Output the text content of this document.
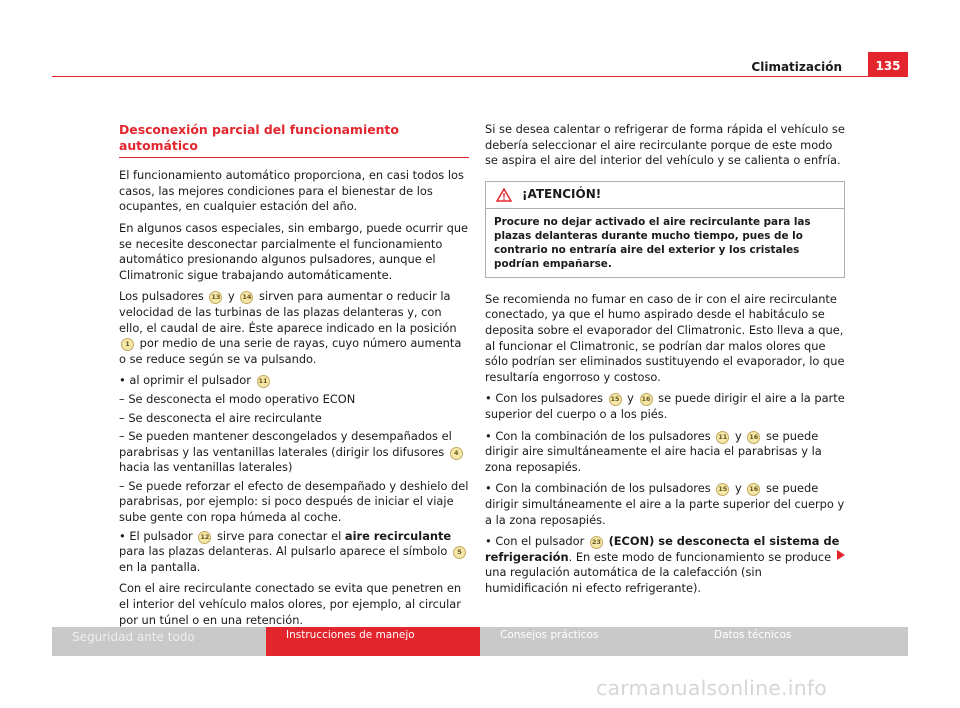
Climatización	135
Desconexión parcial del funcionamiento automático

El funcionamiento automático proporciona, en casi todos los casos, las mejores condiciones para el bienestar de los ocupantes, en cualquier estación del año.

En algunos casos especiales, sin embargo, puede ocurrir que se necesite desconectar parcialmente el funcionamiento automático presionando algunos pulsadores, aunque el Climatronic sigue trabajando automáticamente.

Los pulsadores 13 y 14 sirven para aumentar o reducir la velocidad de las turbinas de las plazas delanteras y, con ello, el caudal de aire. Éste aparece indicado en la posición 1 por medio de una serie de rayas, cuyo número aumenta o se reduce según se va pulsando.

• al oprimir el pulsador 11

– Se desconecta el modo operativo ECON

– Se desconecta el aire recirculante

– Se pueden mantener descongelados y desempañados el parabrisas y las ventanillas laterales (dirigir los difusores 4 hacia las ventanillas laterales)

– Se puede reforzar el efecto de desempañado y deshielo del parabrisas, por ejemplo: si poco después de iniciar el viaje sube gente con ropa húmeda al coche.

• El pulsador 12 sirve para conectar el aire recirculante para las plazas delanteras. Al pulsarlo aparece el símbolo 5 en la pantalla.

Con el aire recirculante conectado se evita que penetren en el interior del vehículo malos olores, por ejemplo, al circular por un túnel o en una retención.

Si se desea calentar o refrigerar de forma rápida el vehículo se debería seleccionar el aire recirculante porque de este modo se aspira el aire del interior del vehículo y se calienta o enfría.

¡ATENCIÓN!
Procure no dejar activado el aire recirculante para las plazas delanteras durante mucho tiempo, pues de lo contrario no entraría aire del exterior y los cristales podrían empañarse.

Se recomienda no fumar en caso de ir con el aire recirculante conectado, ya que el humo aspirado desde el habitáculo se deposita sobre el evaporador del Climatronic. Esto lleva a que, al funcionar el Climatronic, se podrían dar malos olores que sólo podrían ser eliminados sustituyendo el evaporador, lo que resultaría engorroso y costoso.

• Con los pulsadores 15 y 16 se puede dirigir el aire a la parte superior del cuerpo o a los piés.

• Con la combinación de los pulsadores 11 y 16 se puede dirigir aire simultáneamente el aire hacia el parabrisas y la zona reposapiés.

• Con la combinación de los pulsadores 15 y 16 se puede dirigir simultáneamente el aire a la parte superior del cuerpo y a la zona reposapiés.

• Con el pulsador 23 (ECON) se desconecta el sistema de refrigeración. En este modo de funcionamiento se produce una regulación automática de la calefacción (sin humidificación ni efecto refrigerante).

Seguridad ante todo	Instrucciones de manejo	Consejos prácticos	Datos técnicos
carmanualsonline.info
